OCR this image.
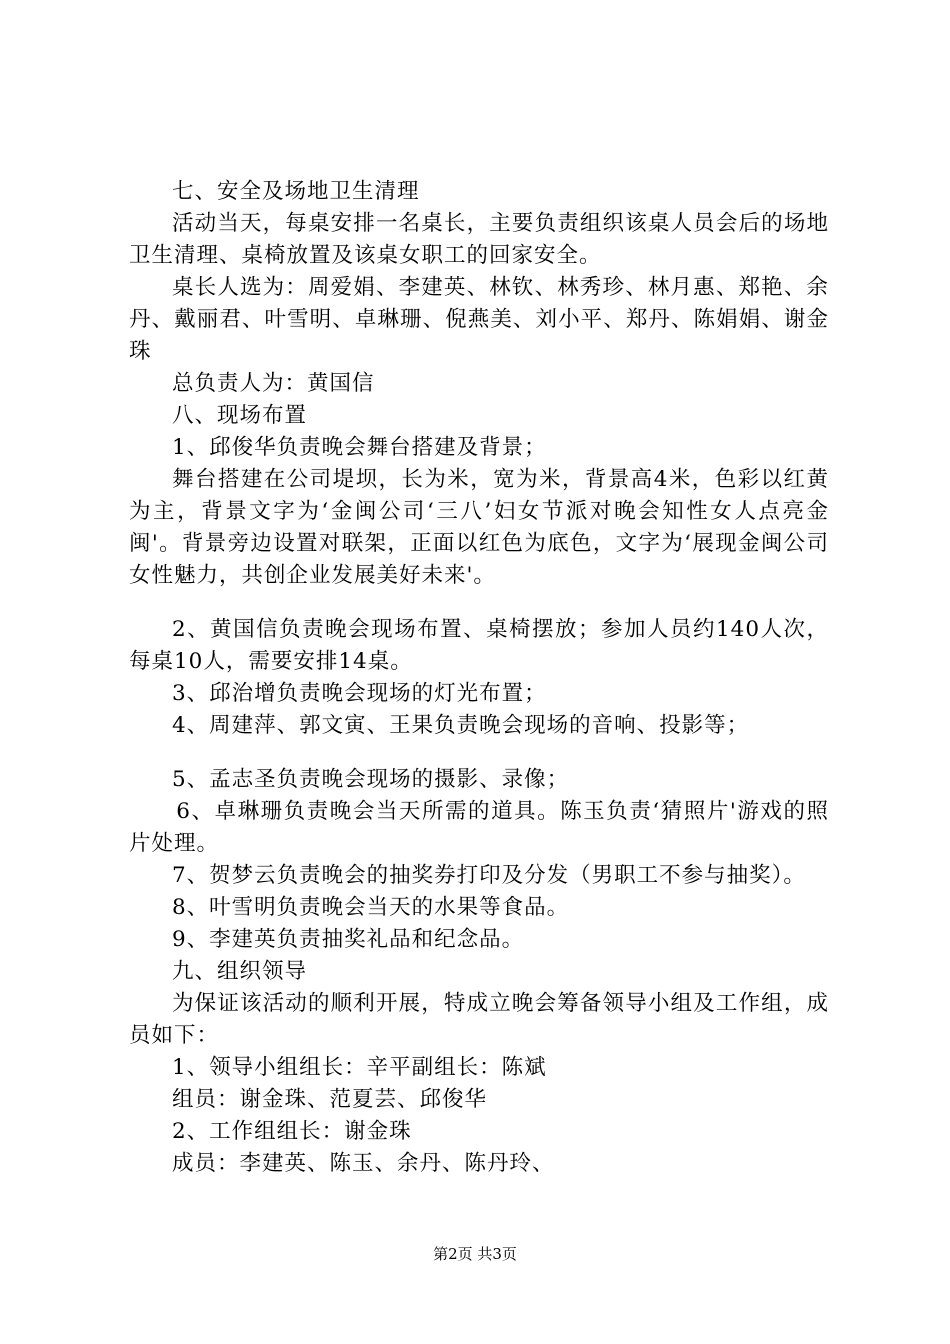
七、安全及场地卫生清理

活动当天，每桌安排一名桌长，主要负责组织该桌人员会后的场地卫生清理、桌椅放置及该桌女职工的回家安全。

桌长人选为：周爱娟、李建英、林钦、林秀珍、林月惠、郑艳、余丹、戴丽君、叶雪明、卓琳珊、倪燕美、刘小平、郑丹、陈娟娟、谢金珠

总负责人为：黄国信

八、现场布置

1、邱俊华负责晚会舞台搭建及背景；

舞台搭建在公司堤坝，长为米，宽为米，背景高4米，色彩以红黄为主，背景文字为‘金闽公司‘三八’妇女节派对晚会知性女人点亮金闽'。背景旁边设置对联架，正面以红色为底色，文字为‘展现金闽公司女性魅力，共创企业发展美好未来'。

2、黄国信负责晚会现场布置、桌椅摆放；参加人员约140人次，每桌10人，需要安排14桌。

3、邱治增负责晚会现场的灯光布置；

4、周建萍、郭文寅、王果负责晚会现场的音响、投影等；

5、孟志圣负责晚会现场的摄影、录像；

6、卓琳珊负责晚会当天所需的道具。陈玉负责‘猜照片'游戏的照片处理。

7、贺梦云负责晚会的抽奖券打印及分发（男职工不参与抽奖）。

8、叶雪明负责晚会当天的水果等食品。

9、李建英负责抽奖礼品和纪念品。

九、组织领导

为保证该活动的顺利开展，特成立晚会筹备领导小组及工作组，成员如下：

1、领导小组组长：辛平副组长：陈斌

组员：谢金珠、范夏芸、邱俊华

2、工作组组长：谢金珠

成员：李建英、陈玉、余丹、陈丹玲、

第2页 共3页
